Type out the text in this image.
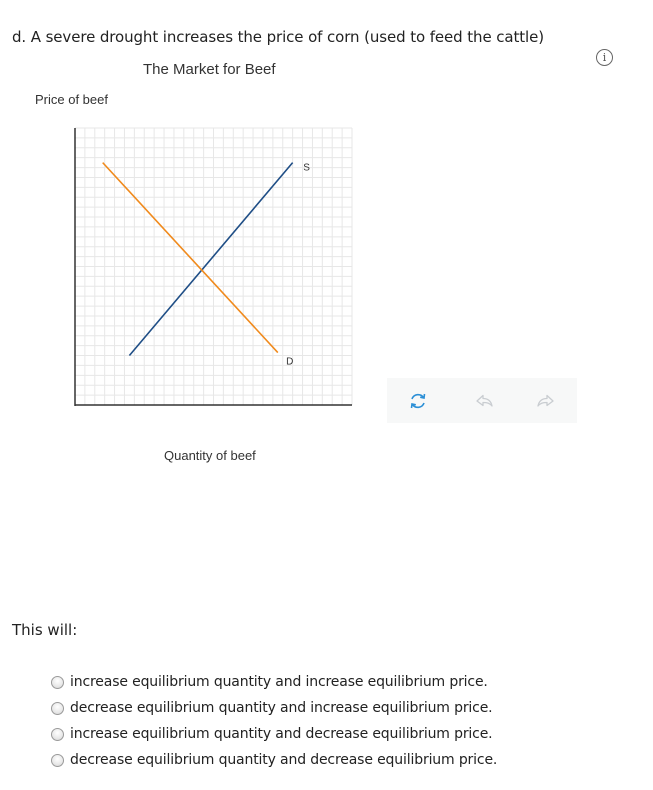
d. A severe drought increases the price of corn (used to feed the cattle)
i
The Market for Beef
Price of beef
Quantity of beef
S
D
This will:
increase equilibrium quantity and increase equilibrium price.
decrease equilibrium quantity and increase equilibrium price.
increase equilibrium quantity and decrease equilibrium price.
decrease equilibrium quantity and decrease equilibrium price.
